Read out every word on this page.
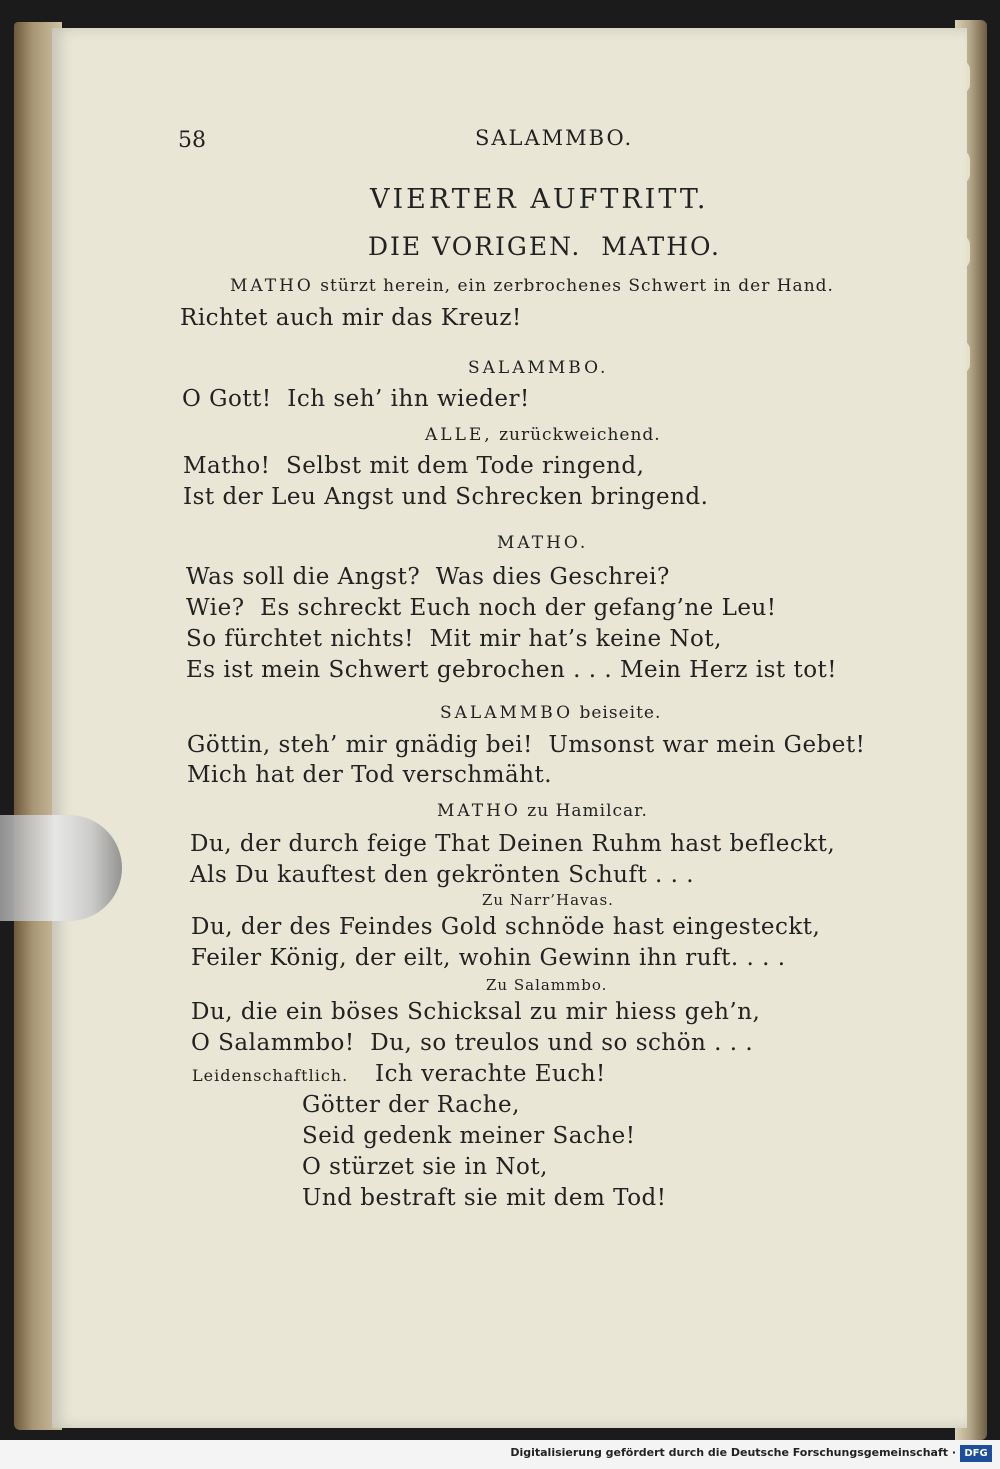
58	SALAMMBO.
VIERTER AUFTRITT.
DIE VORIGEN.  MATHO.
MATHO stürzt herein, ein zerbrochenes Schwert in der Hand.
Richtet auch mir das Kreuz!
SALAMMBO.
O Gott!  Ich seh’ ihn wieder!
ALLE, zurückweichend.
Matho!  Selbst mit dem Tode ringend,
Ist der Leu Angst und Schrecken bringend.
MATHO.
Was soll die Angst?  Was dies Geschrei?
Wie?  Es schreckt Euch noch der gefang’ne Leu!
So fürchtet nichts!  Mit mir hat’s keine Not,
Es ist mein Schwert gebrochen . . . Mein Herz ist tot!
SALAMMBO beiseite.
Göttin, steh’ mir gnädig bei!  Umsonst war mein Gebet!
Mich hat der Tod verschmäht.
MATHO zu Hamilcar.
Du, der durch feige That Deinen Ruhm hast befleckt,
Als Du kauftest den gekrönten Schuft . . .
Zu Narr’Havas.
Du, der des Feindes Gold schnöde hast eingesteckt,
Feiler König, der eilt, wohin Gewinn ihn ruft. . . .
Zu Salammbo.
Du, die ein böses Schicksal zu mir hiess geh’n,
O Salammbo!  Du, so treulos und so schön . . .
Leidenschaftlich. Ich verachte Euch!
Götter der Rache,
Seid gedenk meiner Sache!
O stürzet sie in Not,
Und bestraft sie mit dem Tod!
Digitalisierung gefördert durch die Deutsche Forschungsgemeinschaft · DFG
